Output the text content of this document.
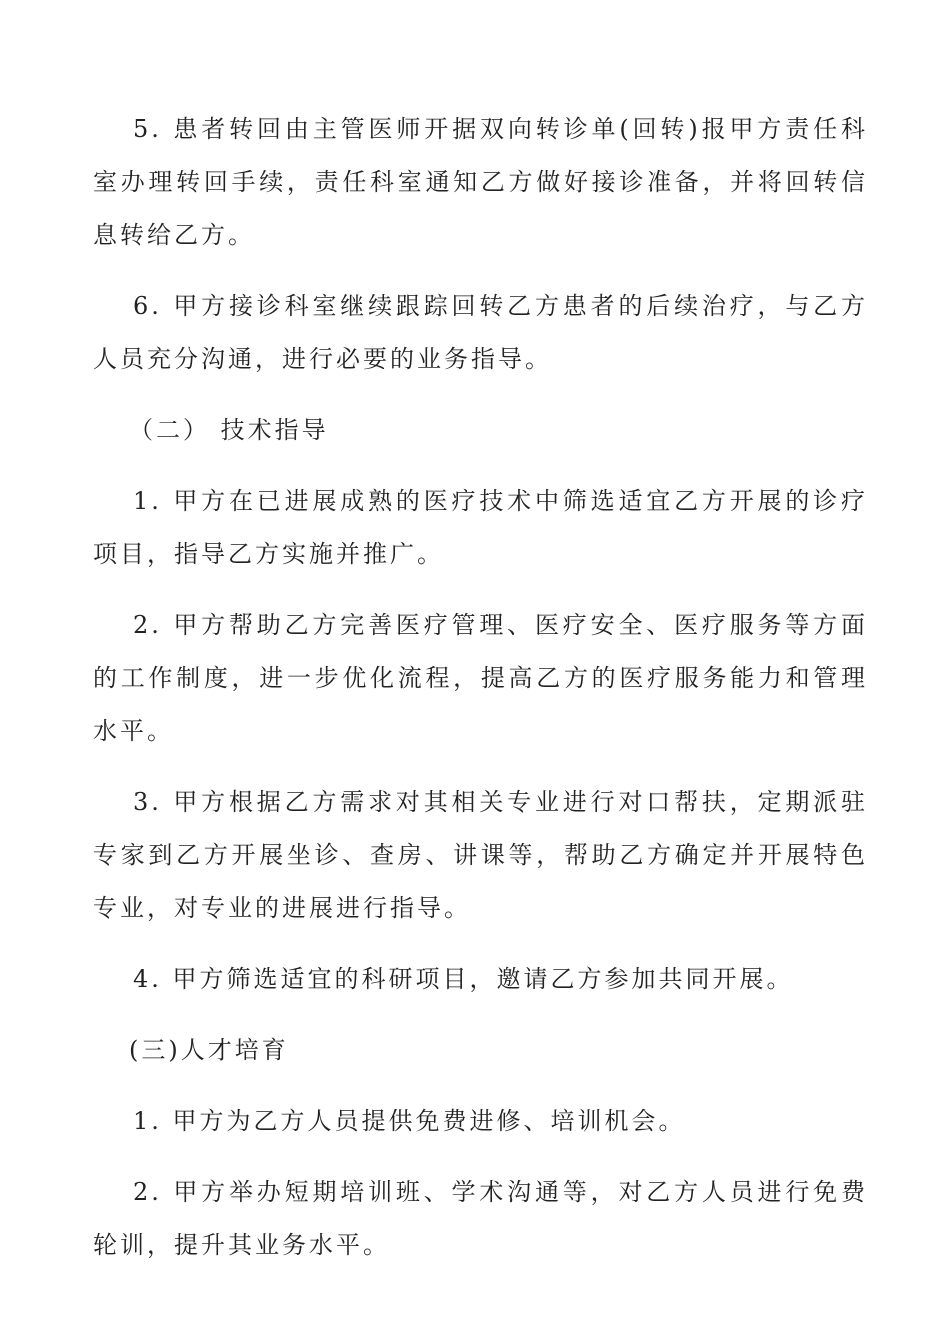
5. 患者转回由主管医师开据双向转诊单(回转)报甲方责任科室办理转回手续，责任科室通知乙方做好接诊准备，并将回转信息转给乙方。

6. 甲方接诊科室继续跟踪回转乙方患者的后续治疗，与乙方人员充分沟通，进行必要的业务指导。

（二） 技术指导

1. 甲方在已进展成熟的医疗技术中筛选适宜乙方开展的诊疗项目，指导乙方实施并推广。

2. 甲方帮助乙方完善医疗管理、医疗安全、医疗服务等方面的工作制度，进一步优化流程，提高乙方的医疗服务能力和管理水平。

3. 甲方根据乙方需求对其相关专业进行对口帮扶，定期派驻专家到乙方开展坐诊、查房、讲课等，帮助乙方确定并开展特色专业，对专业的进展进行指导。

4. 甲方筛选适宜的科研项目，邀请乙方参加共同开展。

(三)人才培育

1. 甲方为乙方人员提供免费进修、培训机会。

2. 甲方举办短期培训班、学术沟通等，对乙方人员进行免费轮训，提升其业务水平。
